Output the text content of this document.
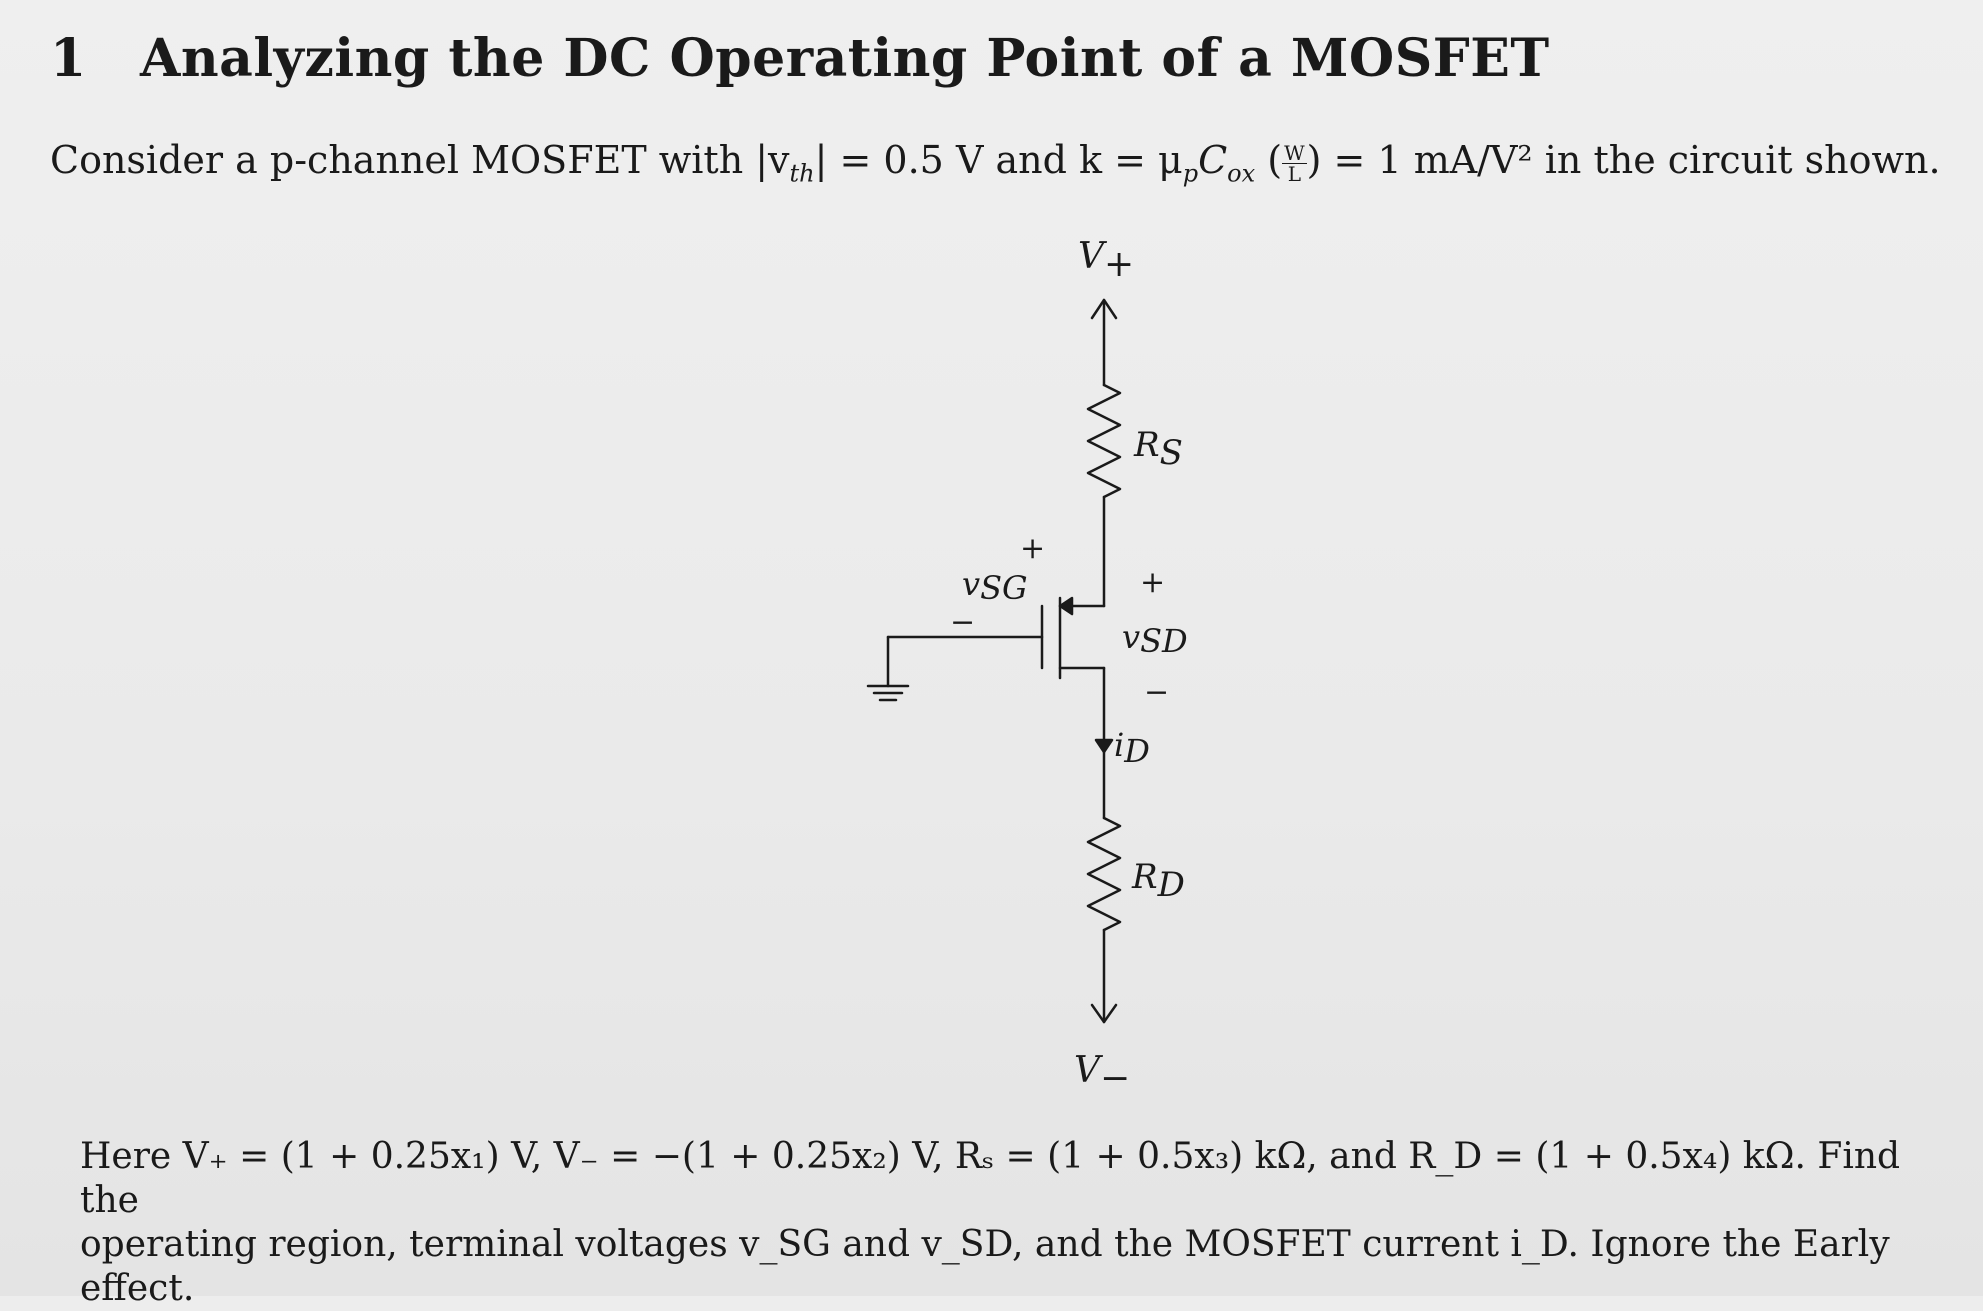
1 Analyzing the DC Operating Point of a MOSFET
Consider a p-channel MOSFET with $|v_{th}| = 0.5$ V and $k = \mu_pC_{ox}$ ( $\frac{W}{L}$ ) = 1 mA/V² in the circuit shown.
V+
RS
+
vSG
−
+
vSD
−
iD
RD
V−
Here V₊ = (1 + 0.25x₁) V, V₋ = −(1 + 0.25x₂) V, Rₛ = (1 + 0.5x₃) kΩ, and R_D = (1 + 0.5x₄) kΩ. Find the
operating region, terminal voltages v_SG and v_SD, and the MOSFET current i_D. Ignore the Early effect.
